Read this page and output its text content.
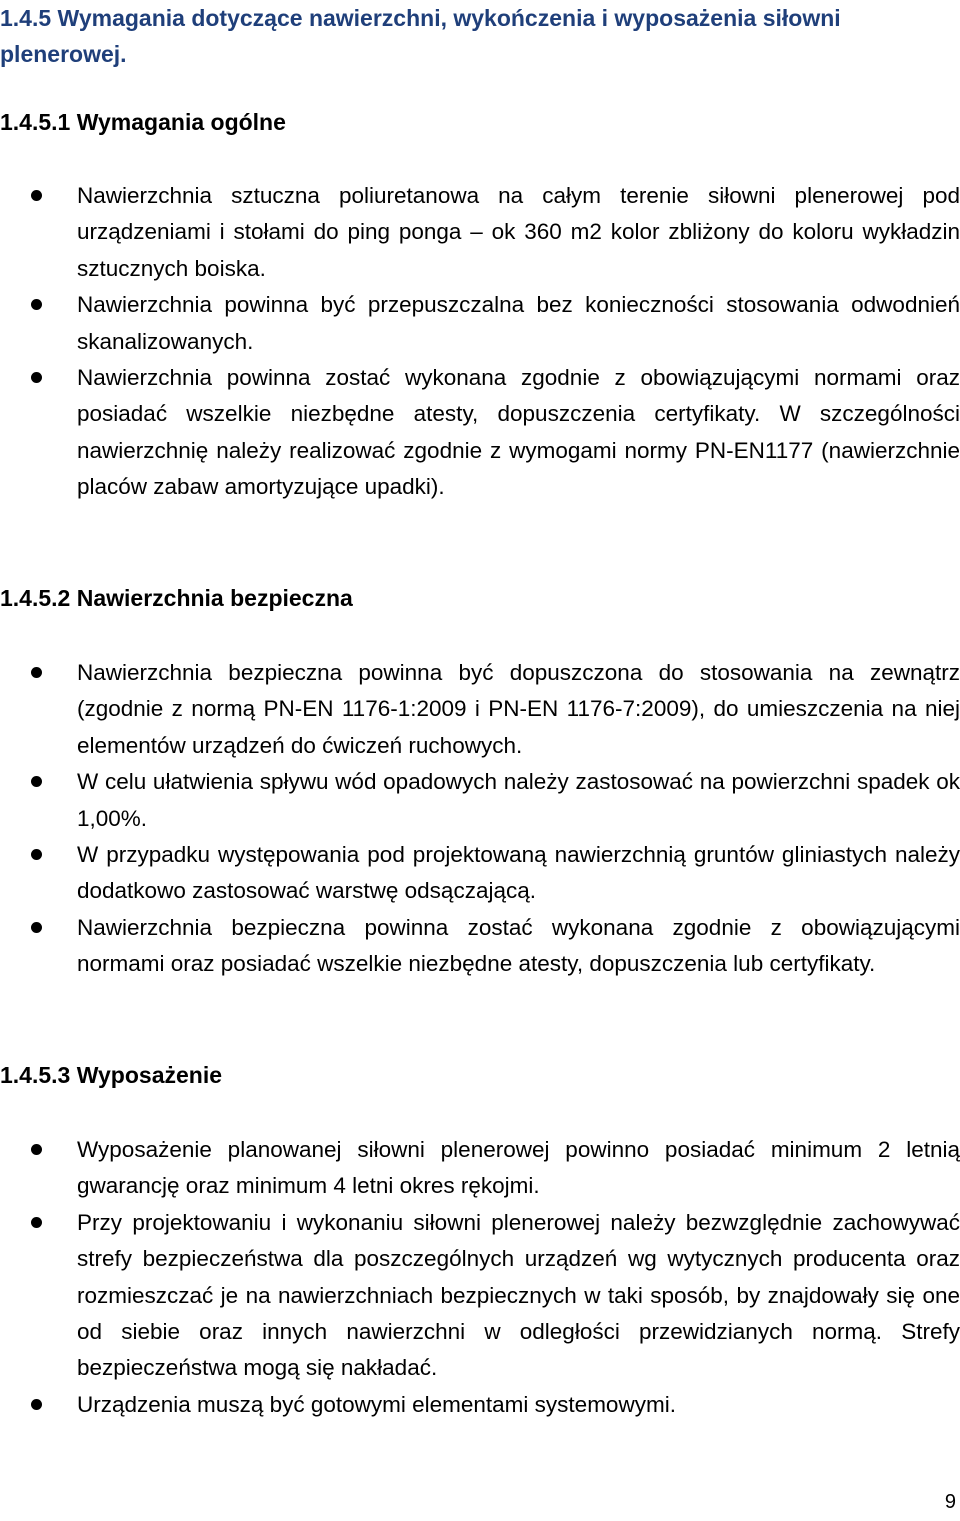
1.4.5 Wymagania dotyczące nawierzchni, wykończenia i wyposażenia siłowni plenerowej.
1.4.5.1 Wymagania ogólne
Nawierzchnia sztuczna poliuretanowa na całym terenie siłowni plenerowej pod urządzeniami i stołami do ping ponga – ok 360 m2 kolor zbliżony do koloru wykładzin sztucznych boiska.
Nawierzchnia powinna być przepuszczalna bez konieczności stosowania odwodnień skanalizowanych.
Nawierzchnia powinna zostać wykonana zgodnie z obowiązującymi normami oraz posiadać wszelkie niezbędne atesty, dopuszczenia certyfikaty. W szczególności nawierzchnię należy realizować zgodnie z wymogami normy PN-EN1177 (nawierzchnie placów zabaw amortyzujące upadki).
1.4.5.2 Nawierzchnia bezpieczna
Nawierzchnia bezpieczna powinna być dopuszczona do stosowania na zewnątrz (zgodnie z normą PN-EN 1176-1:2009 i PN-EN 1176-7:2009), do umieszczenia na niej elementów urządzeń do ćwiczeń ruchowych.
W celu ułatwienia spływu wód opadowych należy zastosować na powierzchni spadek ok 1,00%.
W przypadku występowania pod projektowaną nawierzchnią gruntów gliniastych należy dodatkowo zastosować warstwę odsączającą.
Nawierzchnia bezpieczna powinna zostać wykonana zgodnie z obowiązującymi normami oraz posiadać wszelkie niezbędne atesty, dopuszczenia lub certyfikaty.
1.4.5.3 Wyposażenie
Wyposażenie planowanej siłowni plenerowej powinno posiadać minimum 2 letnią gwarancję oraz minimum 4 letni okres rękojmi.
Przy projektowaniu i wykonaniu siłowni plenerowej należy bezwzględnie zachowywać strefy bezpieczeństwa dla poszczególnych urządzeń wg wytycznych producenta oraz rozmieszczać je na nawierzchniach bezpiecznych w taki sposób, by znajdowały się one od siebie oraz innych nawierzchni w odległości przewidzianych normą. Strefy bezpieczeństwa mogą się nakładać.
Urządzenia muszą być gotowymi elementami systemowymi.
9
